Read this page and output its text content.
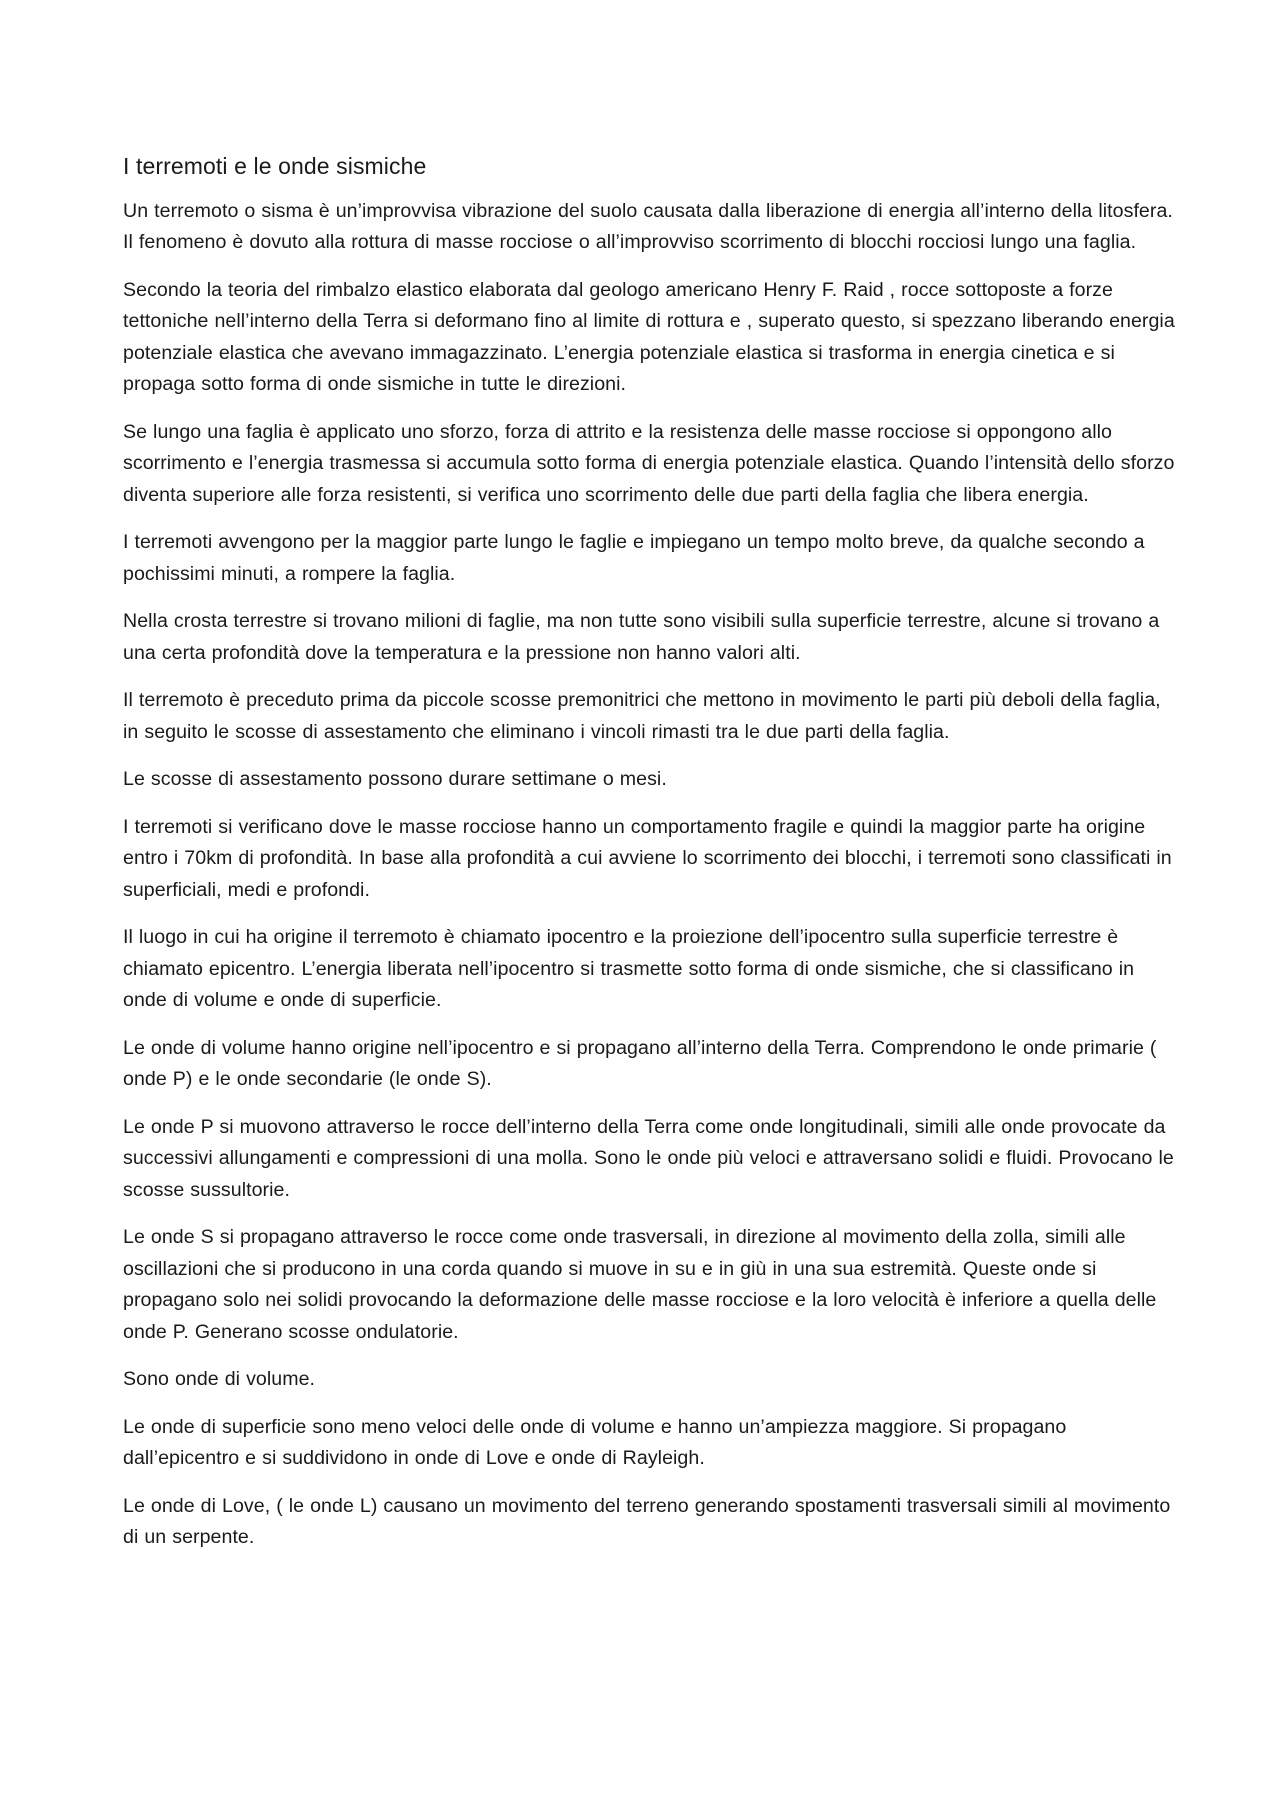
I terremoti e le onde sismiche

Un terremoto o sisma è un’improvvisa vibrazione del suolo causata dalla liberazione di energia all’interno della litosfera. Il fenomeno è dovuto alla rottura di masse rocciose o all’improvviso scorrimento di blocchi rocciosi lungo una faglia.

Secondo la teoria del rimbalzo elastico elaborata dal geologo americano Henry F. Raid , rocce sottoposte a forze tettoniche nell’interno della Terra si deformano fino al limite di rottura e , superato questo, si spezzano liberando energia potenziale elastica che avevano immagazzinato. L’energia potenziale elastica si trasforma in energia cinetica e si propaga sotto forma di onde sismiche in tutte le direzioni.

Se lungo una faglia è applicato uno sforzo, forza di attrito e la resistenza delle masse rocciose si oppongono allo scorrimento e l’energia trasmessa si accumula sotto forma di energia potenziale elastica. Quando l’intensità dello sforzo diventa superiore alle forza resistenti, si verifica uno scorrimento delle due parti della faglia che libera energia.

I terremoti avvengono per la maggior parte lungo le faglie e impiegano un tempo molto breve, da qualche secondo a pochissimi minuti, a rompere la faglia.

Nella crosta terrestre si trovano milioni di faglie, ma non tutte sono visibili sulla superficie terrestre, alcune si trovano a una certa profondità dove la temperatura e la pressione non hanno valori alti.

Il terremoto è preceduto prima da piccole scosse premonitrici che mettono in movimento le parti più deboli della faglia, in seguito le scosse di assestamento che eliminano i vincoli rimasti tra le due parti della faglia.

Le scosse di assestamento possono durare settimane o mesi.

I terremoti si verificano dove le masse rocciose hanno un comportamento fragile e quindi la maggior parte ha origine entro i 70km di profondità. In base alla profondità a cui avviene lo scorrimento dei blocchi, i terremoti sono classificati in superficiali, medi e profondi.

Il luogo in cui ha origine il terremoto è chiamato ipocentro e la proiezione dell’ipocentro sulla superficie terrestre è chiamato epicentro. L’energia liberata nell’ipocentro si trasmette sotto forma di onde sismiche, che si classificano in onde di volume e onde di superficie.

Le onde di volume hanno origine nell’ipocentro e si propagano all’interno della Terra. Comprendono le onde primarie ( onde P) e le onde secondarie (le onde S).

Le onde P si muovono attraverso le rocce dell’interno della Terra come onde longitudinali, simili alle onde provocate da successivi allungamenti e compressioni di una molla. Sono le onde più veloci e attraversano solidi e fluidi. Provocano le scosse sussultorie.

Le onde S si propagano attraverso le rocce come onde trasversali, in direzione al movimento della zolla, simili alle oscillazioni che si producono in una corda quando si muove in su e in giù in una sua estremità. Queste onde si propagano solo nei solidi provocando la deformazione delle masse rocciose e la loro velocità è inferiore a quella delle onde P. Generano scosse ondulatorie.

Sono onde di volume.

Le onde di superficie sono meno veloci delle onde di volume e hanno un’ampiezza maggiore. Si propagano dall’epicentro e si suddividono in onde di Love e onde di Rayleigh.

Le onde di Love, ( le onde L) causano un movimento del terreno generando spostamenti trasversali simili al movimento di un serpente.
